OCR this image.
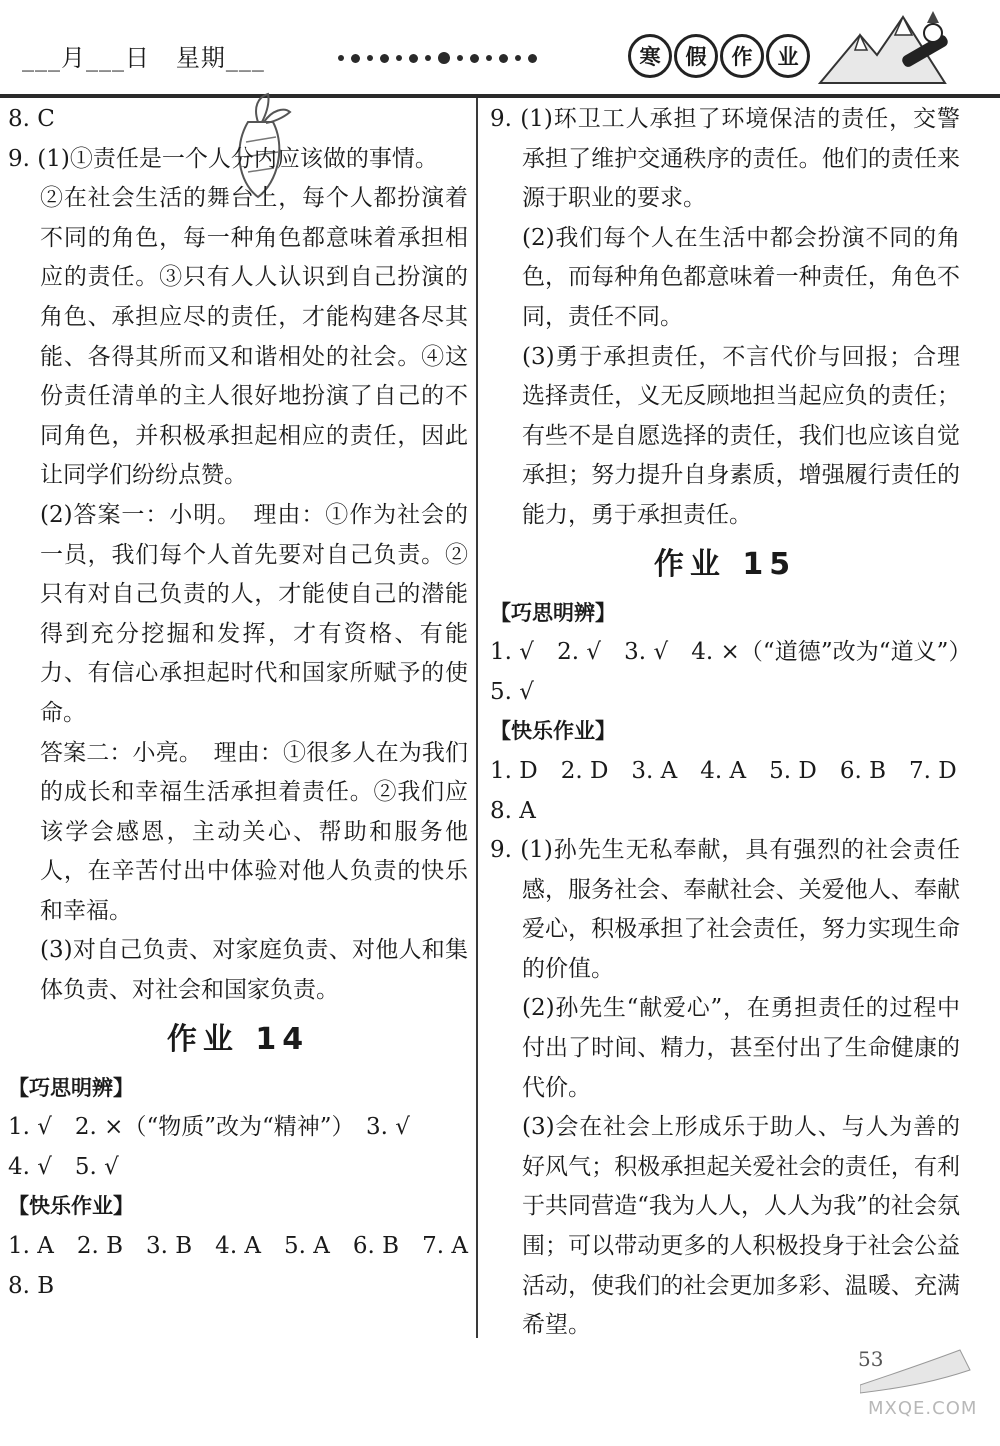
___月___日   星期___	寒	假	作	业

8. C

9. (1)①责任是一个人分内应该做的事情。

②在社会生活的舞台上，每个人都扮演着不同的角色，每一种角色都意味着承担相应的责任。③只有人人认识到自己扮演的角色、承担应尽的责任，才能构建各尽其能、各得其所而又和谐相处的社会。④这份责任清单的主人很好地扮演了自己的不同角色，并积极承担起相应的责任，因此让同学们纷纷点赞。

(2)答案一：小明。　理由：①作为社会的一员，我们每个人首先要对自己负责。②只有对自己负责的人，才能使自己的潜能得到充分挖掘和发挥，才有资格、有能力、有信心承担起时代和国家所赋予的使命。

答案二：小亮。　理由：①很多人在为我们的成长和幸福生活承担着责任。②我们应该学会感恩，主动关心、帮助和服务他人，在辛苦付出中体验对他人负责的快乐和幸福。

(3)对自己负责、对家庭负责、对他人和集体负责、对社会和国家负责。

作业 14

【巧思明辨】

1. √　2. ×（“物质”改为“精神”）　3. √

4. √　5. √

【快乐作业】

1. A　2. B　3. B　4. A　5. A　6. B　7. A

8. B

9. (1)环卫工人承担了环境保洁的责任，交警承担了维护交通秩序的责任。他们的责任来源于职业的要求。

(2)我们每个人在生活中都会扮演不同的角色，而每种角色都意味着一种责任，角色不同，责任不同。

(3)勇于承担责任，不言代价与回报；合理选择责任，义无反顾地担当起应负的责任；有些不是自愿选择的责任，我们也应该自觉承担；努力提升自身素质，增强履行责任的能力，勇于承担责任。

作业 15

【巧思明辨】

1. √　2. √　3. √　4. ×（“道德”改为“道义”）　5. √

【快乐作业】

1. D　2. D　3. A　4. A　5. D　6. B　7. D

8. A

9. (1)孙先生无私奉献，具有强烈的社会责任感，服务社会、奉献社会、关爱他人、奉献爱心，积极承担了社会责任，努力实现生命的价值。

(2)孙先生“献爱心”，在勇担责任的过程中付出了时间、精力，甚至付出了生命健康的代价。

(3)会在社会上形成乐于助人、与人为善的好风气；积极承担起关爱社会的责任，有利于共同营造“我为人人，人人为我”的社会氛围；可以带动更多的人积极投身于社会公益活动，使我们的社会更加多彩、温暖、充满希望。

53
MXQE.COM
